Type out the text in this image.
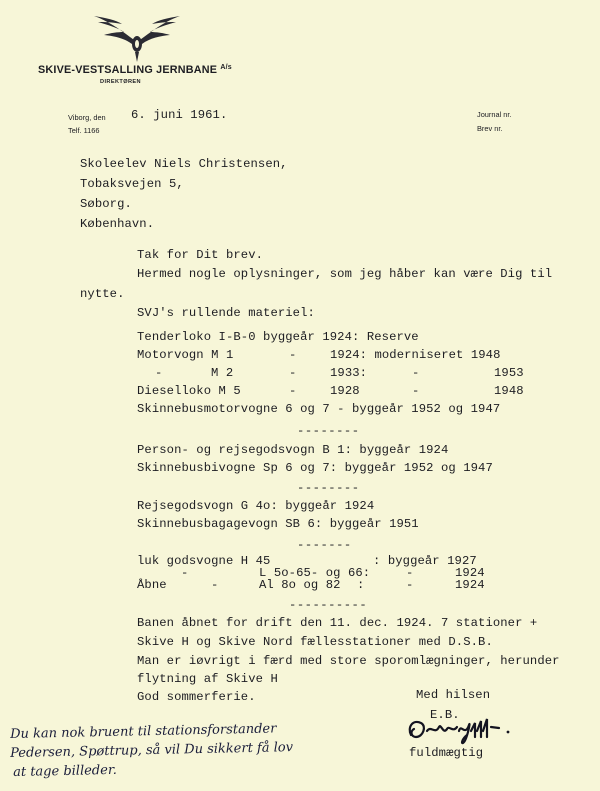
SKIVE-VESTSALLING JERNBANE $^{A/s}$
DIREKTØREN
Viborg, den 6. juni 1961.
Telf. 1166
Journal nr.
Brev nr.
Skoleelev Niels Christensen,
Tobaksvejen 5,
Søborg.
København.
Tak for Dit brev.
Hermed nogle oplysninger, som jeg håber kan være Dig til
nytte.
SVJ's rullende materiel:
Tenderloko I-B-0 byggeår 1924: Reserve
Motorvogn M 1	-	1924: moderniseret 1948
-	M 2	-	1933:	-	1953
Dieselloko M 5	-	1928	-	1948
Skinnebusmotorvogne 6 og 7 - byggeår 1952 og 1947
--------
Person- og rejsegodsvogn B 1: byggeår 1924
Skinnebusbivogne Sp 6 og 7: byggeår 1952 og 1947
--------
Rejsegodsvogn G 4o: byggeår 1924
Skinnebusbagagevogn SB 6: byggeår 1951
-------
luk godsvogne H 45	: byggeår 1927
-	L 5o-65- og 66:	-	1924
Åbne	-	Al 8o og 82 :	-	1924
----------
Banen åbnet for drift den 11. dec. 1924. 7 stationer +
Skive H og Skive Nord fællesstationer med D.S.B.
Man er iøvrigt i færd med store sporomlægninger, herunder
flytning af Skive H
God sommerferie.	Med hilsen
E.B.
fuldmægtig
Du kan nok bruent til stationsforstander
Pedersen, Spøttrup, så vil Du sikkert få lov
at tage billeder.
